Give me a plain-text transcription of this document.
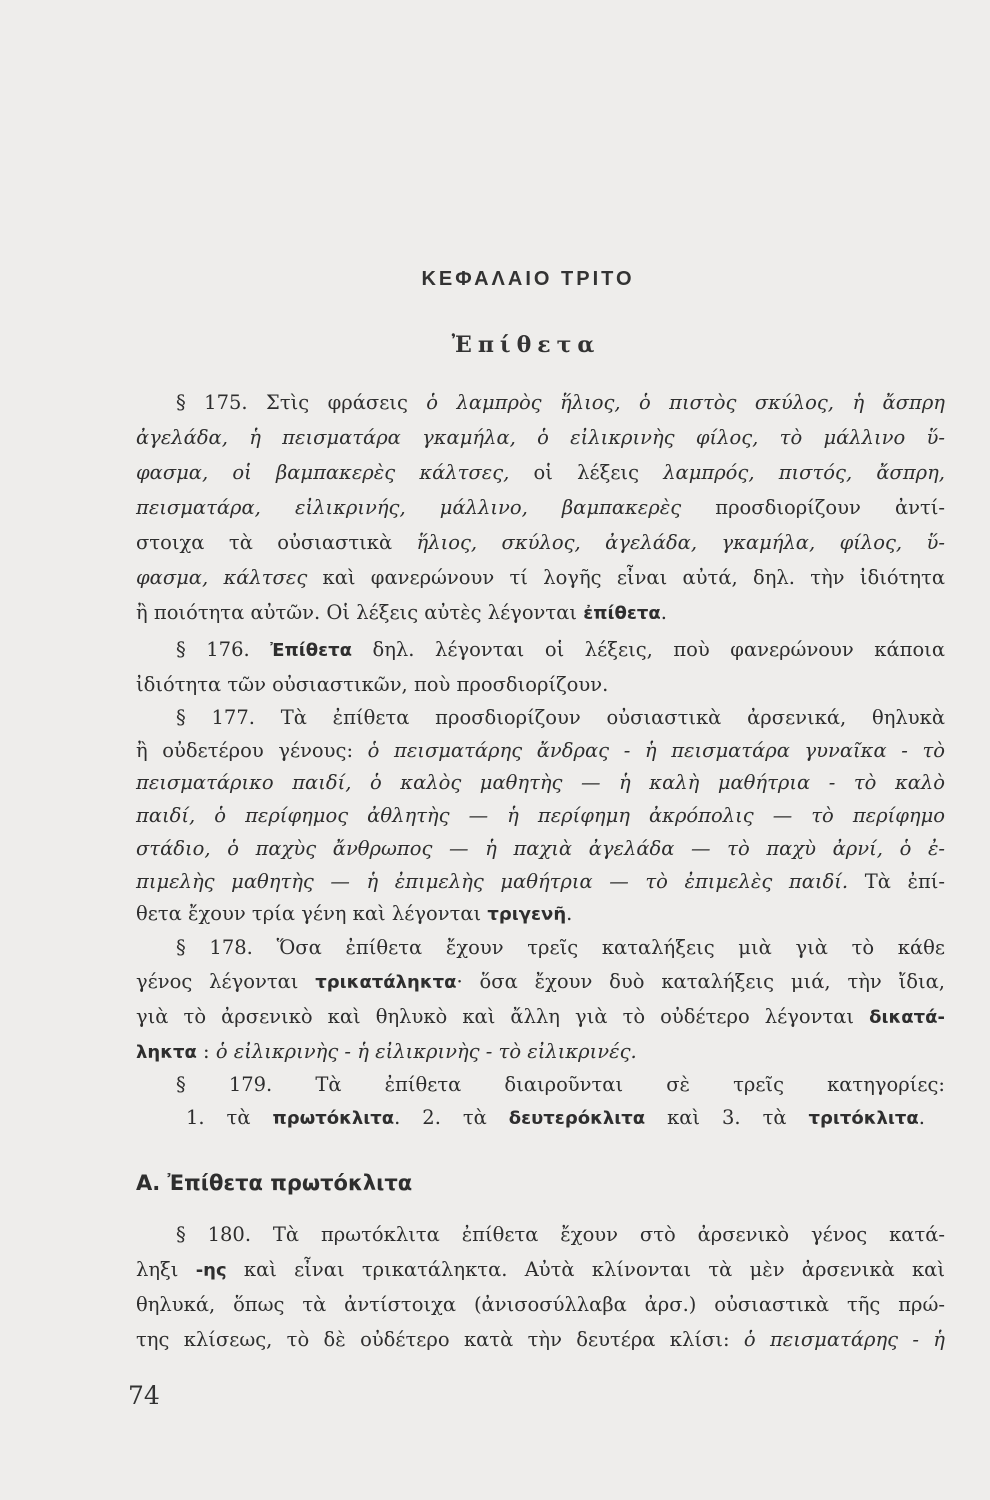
ΚΕΦΑΛΑΙΟ ΤΡΙΤΟ
Ἐπίθετα
§ 175. Στὶς φράσεις ὁ λαμπρὸς ἥλιος, ὁ πιστὸς σκύλος, ἡ ἄσπρη
ἀγελάδα, ἡ πεισματάρα γκαμήλα, ὁ εἰλικρινὴς φίλος, τὸ μάλλινο ὕ-
φασμα, οἱ βαμπακερὲς κάλτσες, οἱ λέξεις λαμπρός, πιστός, ἄσπρη,
πεισματάρα, εἰλικρινής, μάλλινο, βαμπακερὲς προσδιορίζουν ἀντί-
στοιχα τὰ οὐσιαστικὰ ἥλιος, σκύλος, ἀγελάδα, γκαμήλα, φίλος, ὕ-
φασμα, κάλτσες καὶ φανερώνουν τί λογῆς εἶναι αὐτά, δηλ. τὴν ἰδιότητα
ἢ ποιότητα αὐτῶν. Οἱ λέξεις αὐτὲς λέγονται ἐπίθετα.
§ 176. Ἐπίθετα δηλ. λέγονται οἱ λέξεις, ποὺ φανερώνουν κάποια
ἰδιότητα τῶν οὐσιαστικῶν, ποὺ προσδιορίζουν.
§ 177. Τὰ ἐπίθετα προσδιορίζουν οὐσιαστικὰ ἀρσενικά, θηλυκὰ
ἢ οὐδετέρου γένους: ὁ πεισματάρης ἄνδρας - ἡ πεισματάρα γυναῖκα - τὸ
πεισματάρικο παιδί, ὁ καλὸς μαθητὴς — ἡ καλὴ μαθήτρια - τὸ καλὸ
παιδί, ὁ περίφημος ἀθλητὴς — ἡ περίφημη ἀκρόπολις — τὸ περίφημο
στάδιο, ὁ παχὺς ἄνθρωπος — ἡ παχιὰ ἀγελάδα — τὸ παχὺ ἀρνί, ὁ ἐ-
πιμελὴς μαθητὴς — ἡ ἐπιμελὴς μαθήτρια — τὸ ἐπιμελὲς παιδί. Τὰ ἐπί-
θετα ἔχουν τρία γένη καὶ λέγονται τριγενῆ.
§ 178. Ὅσα ἐπίθετα ἔχουν τρεῖς καταλήξεις μιὰ γιὰ τὸ κάθε
γένος λέγονται τρικατάληκτα· ὅσα ἔχουν δυὸ καταλήξεις μιά, τὴν ἴδια,
γιὰ τὸ ἀρσενικὸ καὶ θηλυκὸ καὶ ἄλλη γιὰ τὸ οὐδέτερο λέγονται δικατά-
ληκτα : ὁ εἰλικρινὴς - ἡ εἰλικρινὴς - τὸ εἰλικρινές.
§ 179. Τὰ ἐπίθετα διαιροῦνται σὲ τρεῖς κατηγορίες:
1. τὰ πρωτόκλιτα. 2. τὰ δευτερόκλιτα καὶ 3. τὰ τριτόκλιτα.
Α. Ἐπίθετα πρωτόκλιτα
§ 180. Τὰ πρωτόκλιτα ἐπίθετα ἔχουν στὸ ἀρσενικὸ γένος κατά-
ληξι -ης καὶ εἶναι τρικατάληκτα. Αὐτὰ κλίνονται τὰ μὲν ἀρσενικὰ καὶ
θηλυκά, ὅπως τὰ ἀντίστοιχα (ἀνισοσύλλαβα ἀρσ.) οὐσιαστικὰ τῆς πρώ-
της κλίσεως, τὸ δὲ οὐδέτερο κατὰ τὴν δευτέρα κλίσι: ὁ πεισματάρης - ἡ
74
